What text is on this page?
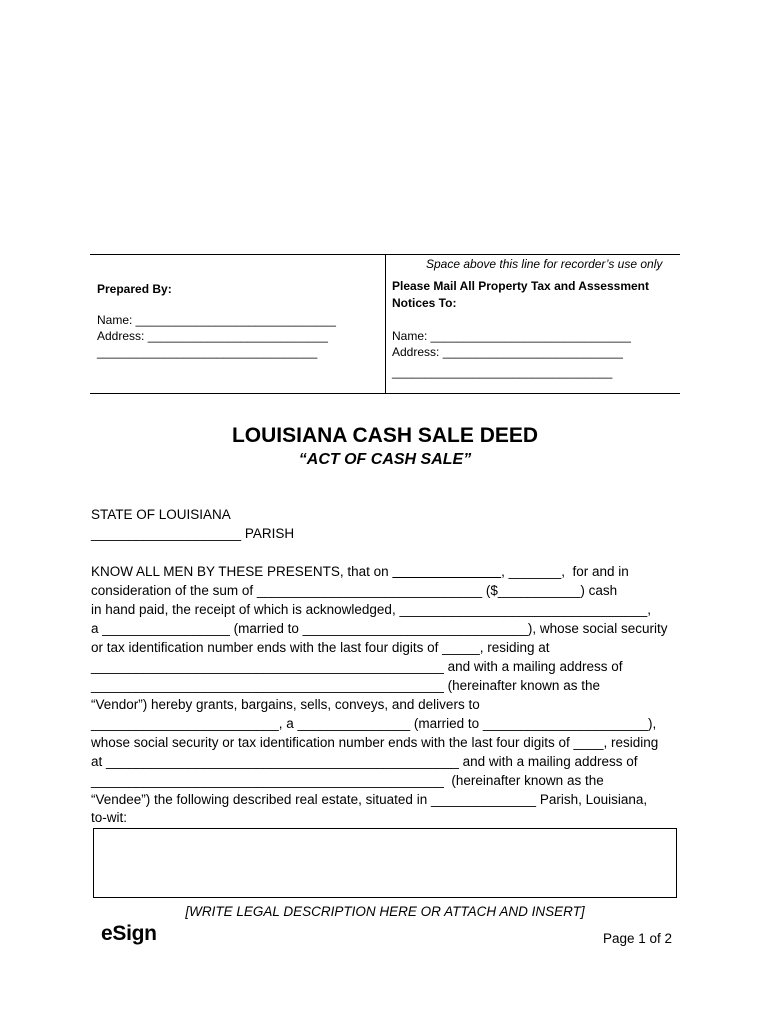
Space above this line for recorder’s use only
Prepared By:
Name: ______________________________
Address: ___________________________
_________________________________
Please Mail All Property Tax and Assessment
Notices To:
Name: ______________________________
Address: ___________________________
_________________________________
LOUISIANA CASH SALE DEED
“ACT OF CASH SALE”
STATE OF LOUISIANA
____________________ PARISH
KNOW ALL MEN BY THESE PRESENTS, that on	, _______,  for and in
consideration of the sum of ______________________________ ($___________) cash
in hand paid, the receipt of which is acknowledged, _________________________________,
a _________________ (married to ______________________________), whose social security
or tax identification number ends with the last four digits of _____, residing at
_______________________________________________ and with a mailing address of
_______________________________________________ (hereinafter known as the
“Vendor”) hereby grants, bargains, sells, conveys, and delivers to
_________________________, a _______________ (married to ______________________),
whose social security or tax identification number ends with the last four digits of ____, residing
at _______________________________________________ and with a mailing address of
_______________________________________________  (hereinafter known as the
“Vendee”) the following described real estate, situated in ______________ Parish, Louisiana,
to-wit:
[WRITE LEGAL DESCRIPTION HERE OR ATTACH AND INSERT]
eSign	Page 1 of 2
